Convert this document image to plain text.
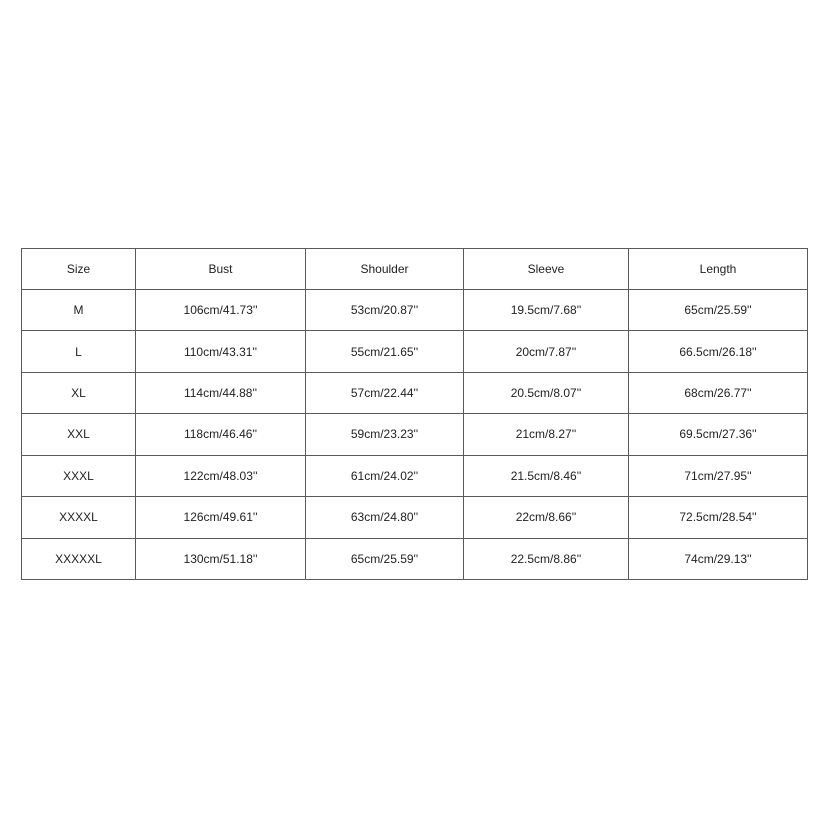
Size	Bust	Shoulder	Sleeve	Length
M	106cm/41.73''	53cm/20.87''	19.5cm/7.68''	65cm/25.59''
L	110cm/43.31''	55cm/21.65''	20cm/7.87''	66.5cm/26.18''
XL	114cm/44.88''	57cm/22.44''	20.5cm/8.07''	68cm/26.77''
XXL	118cm/46.46''	59cm/23.23''	21cm/8.27''	69.5cm/27.36''
XXXL	122cm/48.03''	61cm/24.02''	21.5cm/8.46''	71cm/27.95''
XXXXL	126cm/49.61''	63cm/24.80''	22cm/8.66''	72.5cm/28.54''
XXXXXL	130cm/51.18''	65cm/25.59''	22.5cm/8.86''	74cm/29.13''
